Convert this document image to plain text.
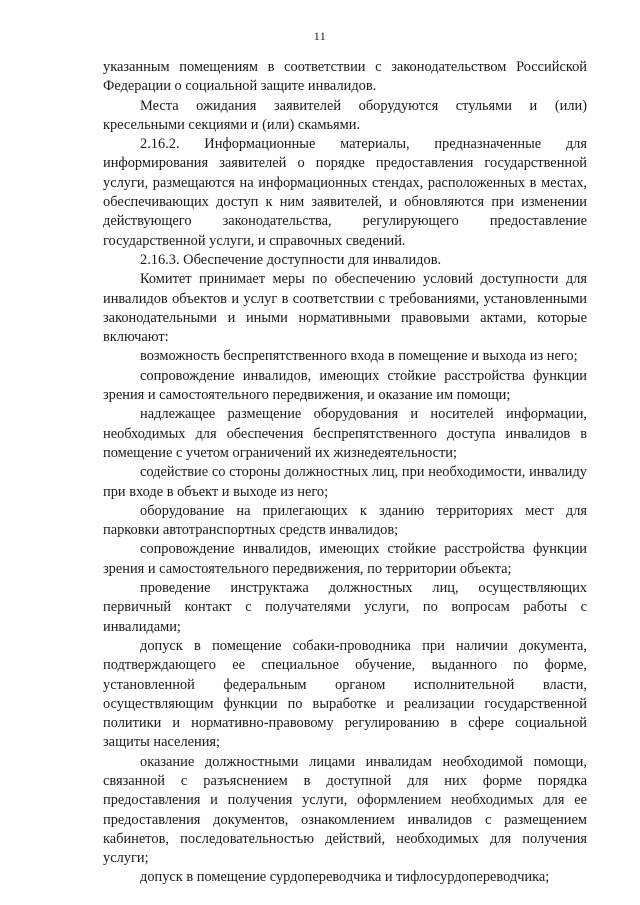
11

указанным помещениям в соответствии с законодательством Российской Федерации о социальной защите инвалидов.

Места ожидания заявителей оборудуются стульями и (или) кресельными секциями и (или) скамьями.

2.16.2. Информационные материалы, предназначенные для информирования заявителей о порядке предоставления государственной услуги, размещаются на информационных стендах, расположенных в местах, обеспечивающих доступ к ним заявителей, и обновляются при изменении действующего законодательства, регулирующего предоставление государственной услуги, и справочных сведений.

2.16.3. Обеспечение доступности для инвалидов.

Комитет принимает меры по обеспечению условий доступности для инвалидов объектов и услуг в соответствии с требованиями, установленными законодательными и иными нормативными правовыми актами, которые включают:

возможность беспрепятственного входа в помещение и выхода из него;

сопровождение инвалидов, имеющих стойкие расстройства функции зрения и самостоятельного передвижения, и оказание им помощи;

надлежащее размещение оборудования и носителей информации, необходимых для обеспечения беспрепятственного доступа инвалидов в помещение с учетом ограничений их жизнедеятельности;

содействие со стороны должностных лиц, при необходимости, инвалиду при входе в объект и выходе из него;

оборудование на прилегающих к зданию территориях мест для парковки автотранспортных средств инвалидов;

сопровождение инвалидов, имеющих стойкие расстройства функции зрения и самостоятельного передвижения, по территории объекта;

проведение инструктажа должностных лиц, осуществляющих первичный контакт с получателями услуги, по вопросам работы с инвалидами;

допуск в помещение собаки-проводника при наличии документа, подтверждающего ее специальное обучение, выданного по форме, установленной федеральным органом исполнительной власти, осуществляющим функции по выработке и реализации государственной политики и нормативно-правовому регулированию в сфере социальной защиты населения;

оказание должностными лицами инвалидам необходимой помощи, связанной с разъяснением в доступной для них форме порядка предоставления и получения услуги, оформлением необходимых для ее предоставления документов, ознакомлением инвалидов с размещением кабинетов, последовательностью действий, необходимых для получения услуги;

допуск в помещение сурдопереводчика и тифлосурдопереводчика;
